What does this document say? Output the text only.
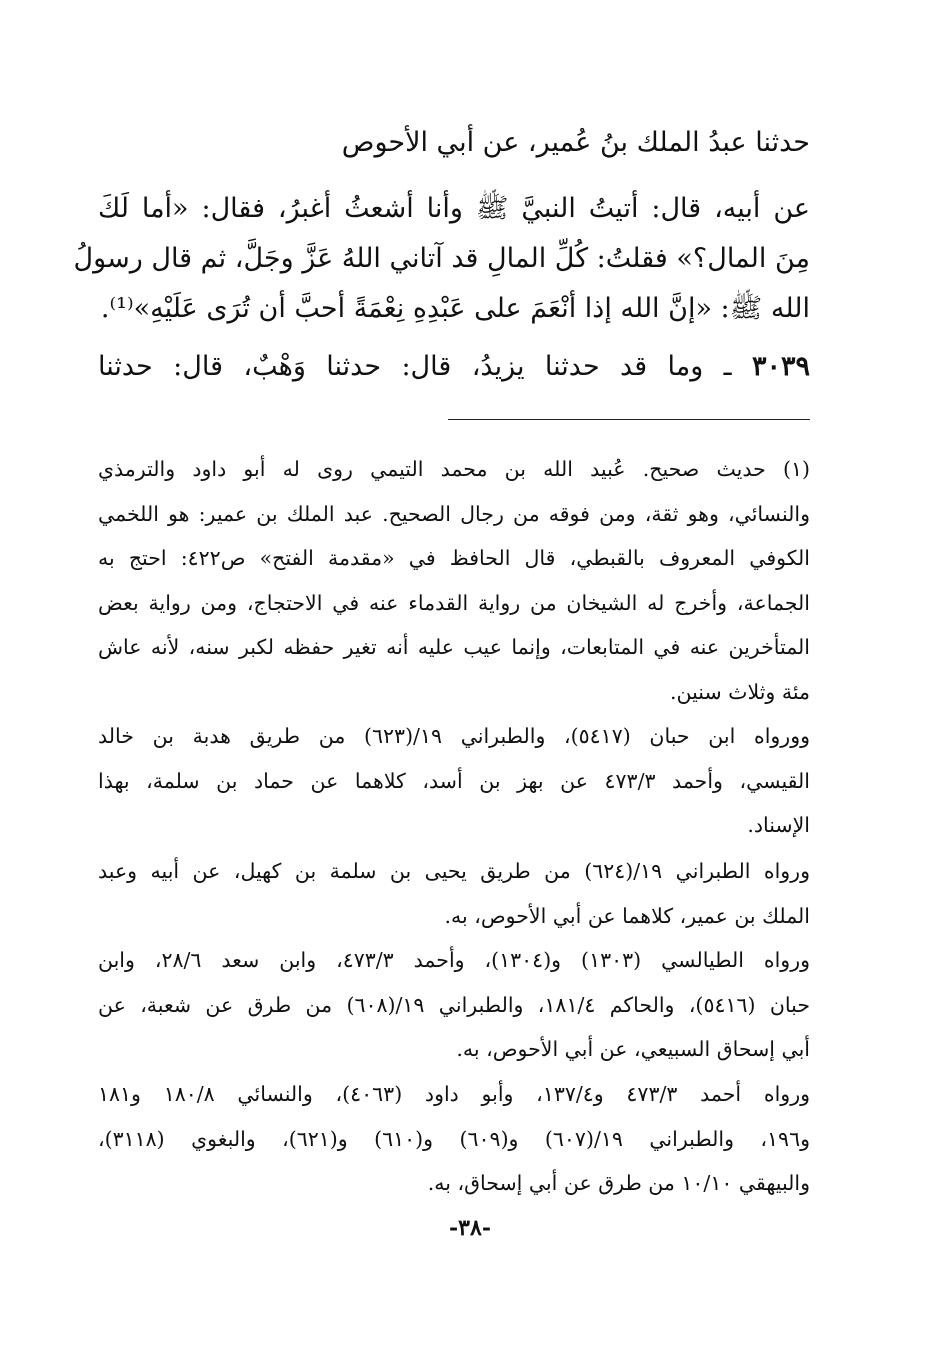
حدثنا عبدُ الملك بنُ عُمير، عن أبي الأحوص
عن أبيه، قال: أتيتُ النبيَّ ﷺ وأنا أشعثُ أغبرُ، فقال: «أما لَكَ
مِنَ المال؟» فقلتُ: كُلِّ المالِ قد آتاني اللهُ عَزَّ وجَلَّ، ثم قال رسولُ
الله ﷺ: «إنَّ الله إذا أنْعَمَ على عَبْدِهِ نِعْمَةً أحبَّ أن تُرَى عَلَيْهِ»⁽¹⁾.
٣٠٣٩ ـ وما قد حدثنا يزيدُ، قال: حدثنا وَهْبٌ، قال: حدثنا
(١) حديث صحيح. عُبيد الله بن محمد التيمي روى له أبو داود والترمذي
والنسائي، وهو ثقة، ومن فوقه من رجال الصحيح. عبد الملك بن عمير: هو اللخمي
الكوفي المعروف بالقبطي، قال الحافظ في «مقدمة الفتح» ص٤٢٢: احتج به
الجماعة، وأخرج له الشيخان من رواية القدماء عنه في الاحتجاج، ومن رواية بعض
المتأخرين عنه في المتابعات، وإنما عيب عليه أنه تغير حفظه لكبر سنه، لأنه عاش
مئة وثلاث سنين.
وورواه ابن حبان (٥٤١٧)، والطبراني ١٩/(٦٢٣) من طريق هدبة بن خالد
القيسي، وأحمد ٤٧٣/٣ عن بهز بن أسد، كلاهما عن حماد بن سلمة، بهذا
الإسناد.
ورواه الطبراني ١٩/(٦٢٤) من طريق يحيى بن سلمة بن كهيل، عن أبيه وعبد
الملك بن عمير، كلاهما عن أبي الأحوص، به.
ورواه الطيالسي (١٣٠٣) و(١٣٠٤)، وأحمد ٤٧٣/٣، وابن سعد ٢٨/٦، وابن
حبان (٥٤١٦)، والحاكم ١٨١/٤، والطبراني ١٩/(٦٠٨) من طرق عن شعبة، عن
أبي إسحاق السبيعي، عن أبي الأحوص، به.
ورواه أحمد ٤٧٣/٣ و١٣٧/٤، وأبو داود (٤٠٦٣)، والنسائي ١٨٠/٨ و١٨١
و١٩٦، والطبراني ١٩/(٦٠٧) و(٦٠٩) و(٦١٠) و(٦٢١)، والبغوي (٣١١٨)،
والبيهقي ١٠/١٠ من طرق عن أبي إسحاق، به.
-٣٨-
